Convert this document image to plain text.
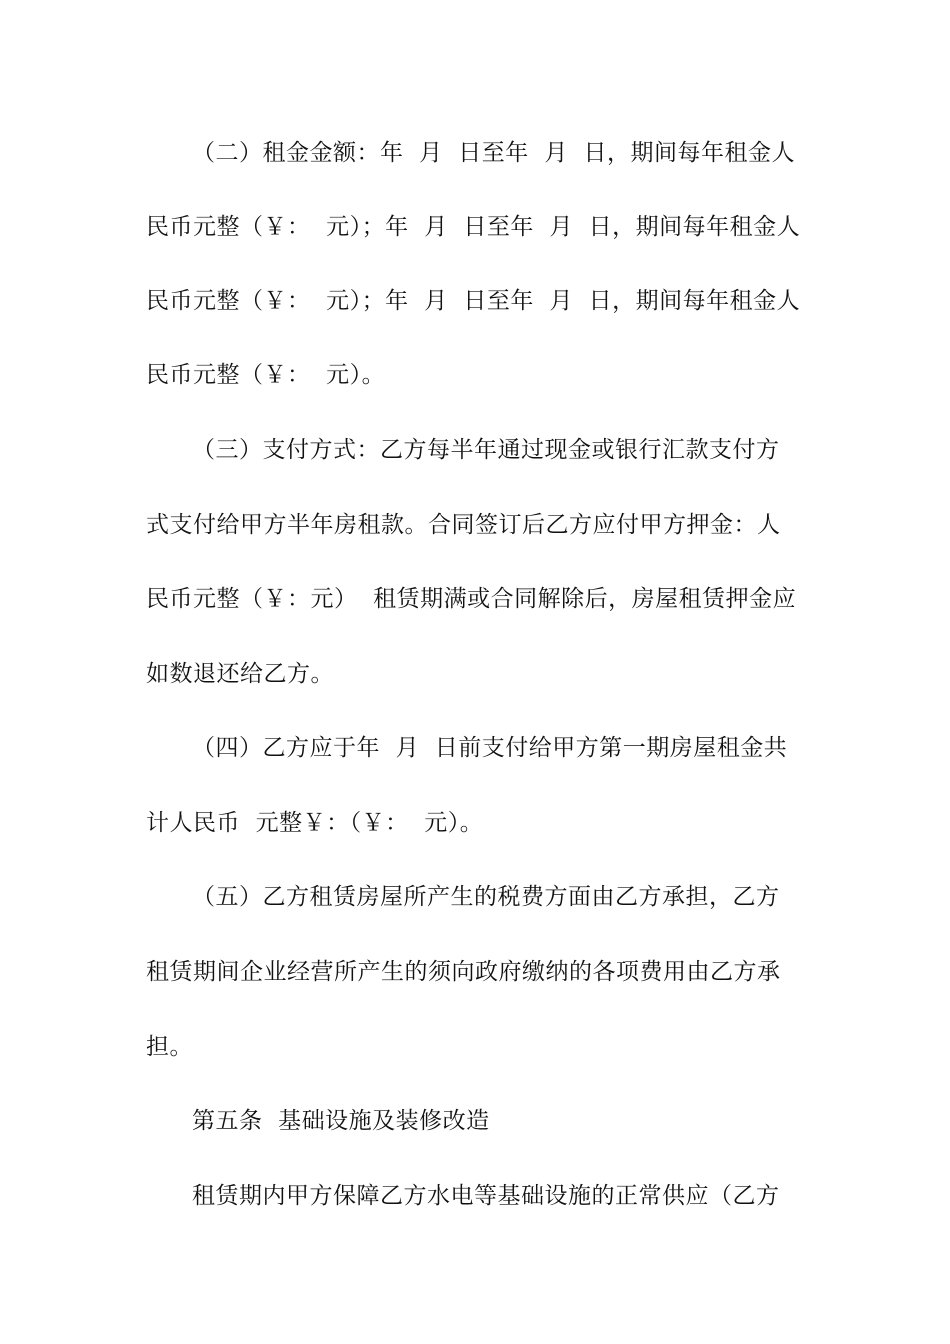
（二）租金金额：年  月  日至年  月  日，期间每年租金人
民币元整（￥：  元）；年  月  日至年  月  日，期间每年租金人
民币元整（￥：  元）；年  月  日至年  月  日，期间每年租金人
民币元整（￥：  元）。
（三）支付方式：乙方每半年通过现金或银行汇款支付方
式支付给甲方半年房租款。合同签订后乙方应付甲方押金：人
民币元整（￥：元）  租赁期满或合同解除后，房屋租赁押金应
如数退还给乙方。
（四）乙方应于年  月  日前支付给甲方第一期房屋租金共
计人民币  元整￥：（￥：  元）。
（五）乙方租赁房屋所产生的税费方面由乙方承担，乙方
租赁期间企业经营所产生的须向政府缴纳的各项费用由乙方承
担。
第五条  基础设施及装修改造
租赁期内甲方保障乙方水电等基础设施的正常供应（乙方
